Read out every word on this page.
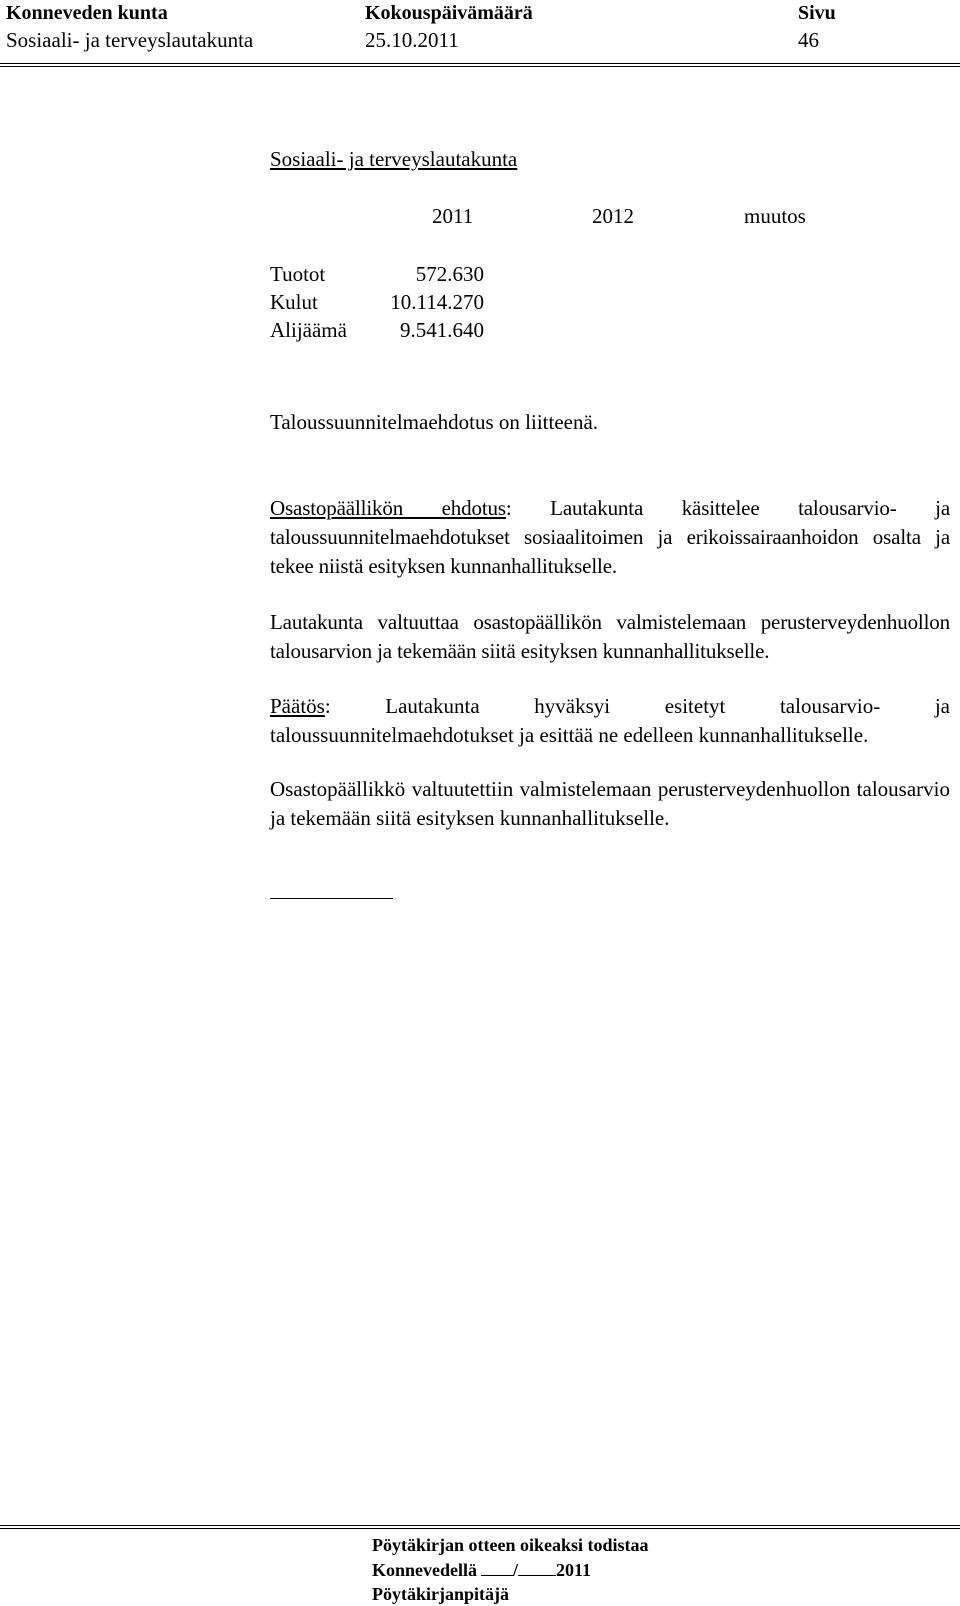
Konneveden kunta
Sosiaali- ja terveyslautakunta
Kokouspäivämäärä
25.10.2011
Sivu
46
Sosiaali- ja terveyslautakunta
2011	2012	muutos
Tuotot	572.630
Kulut	10.114.270
Alijäämä	9.541.640
Taloussuunnitelmaehdotus on liitteenä.
Osastopäällikön ehdotus: Lautakunta käsittelee talousarvio- ja taloussuunnitelmaehdotukset sosiaalitoimen ja erikoissairaanhoidon osalta ja tekee niistä esityksen kunnanhallitukselle.
Lautakunta valtuuttaa osastopäällikön valmistelemaan perusterveydenhuollon talousarvion ja tekemään siitä esityksen kunnanhallitukselle.
Päätös: Lautakunta hyväksyi esitetyt talousarvio- ja taloussuunnitelmaehdotukset ja esittää ne edelleen kunnanhallitukselle.
Osastopäällikkö valtuutettiin valmistelemaan perusterveydenhuollon talousarvio ja tekemään siitä esityksen kunnanhallitukselle.
Pöytäkirjan otteen oikeaksi todistaa
Konnevedellä / 2011
Pöytäkirjanpitäjä
